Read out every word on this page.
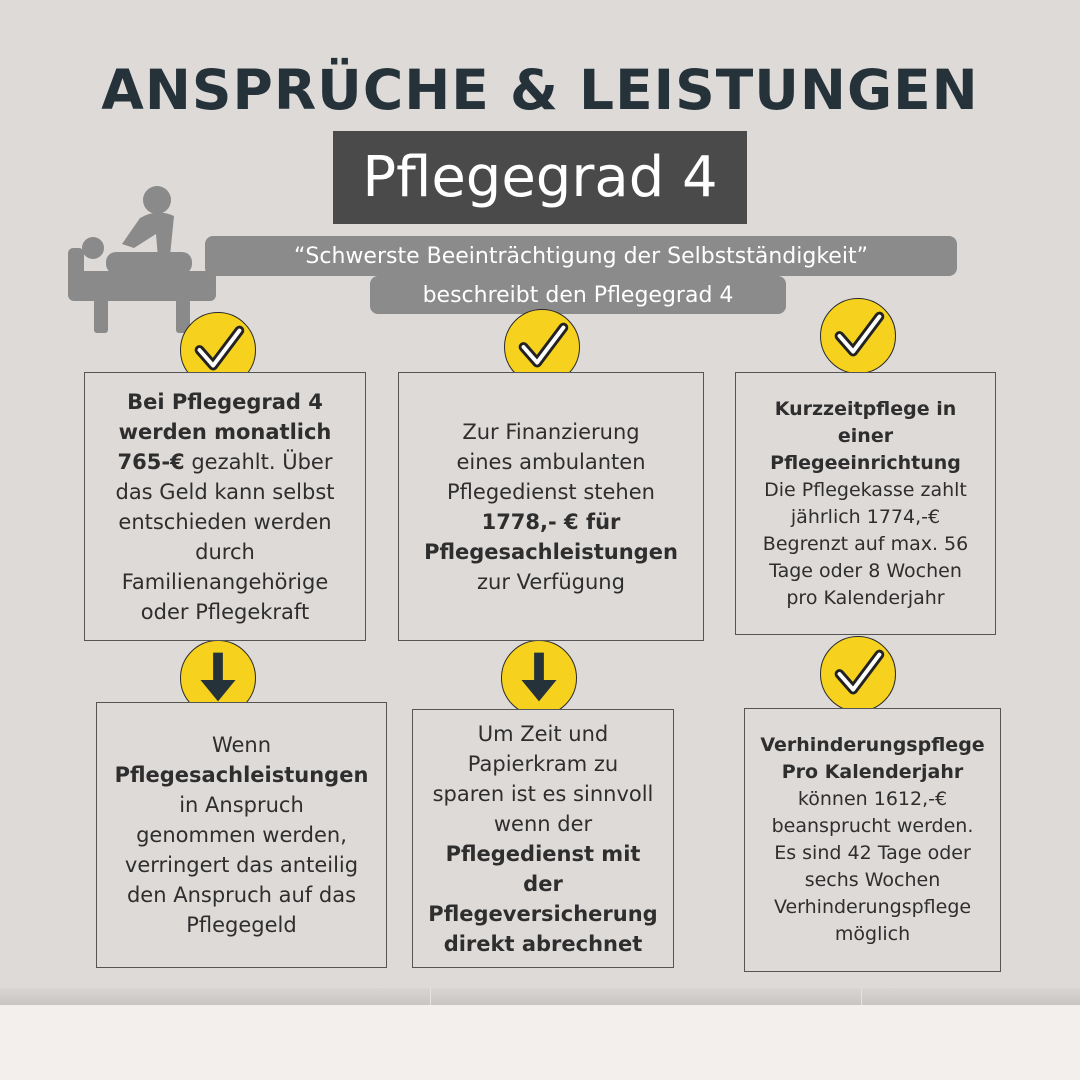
ANSPRÜCHE & LEISTUNGEN
Pflegegrad 4
“Schwerste Beeinträchtigung der Selbstständigkeit”
beschreibt den Pflegegrad 4
Bei Pflegegrad 4
werden monatlich
765-€ gezahlt. Über
das Geld kann selbst
entschieden werden
durch
Familienangehörige
oder Pflegekraft
Zur Finanzierung
eines ambulanten
Pflegedienst stehen
1778,- € für
Pflegesachleistungen
zur Verfügung
Kurzzeitpflege in einer
Pflegeeinrichtung
Die Pflegekasse zahlt
jährlich 1774,-€
Begrenzt auf max. 56
Tage oder 8 Wochen
pro Kalenderjahr
Wenn
Pflegesachleistungen
in Anspruch
genommen werden,
verringert das anteilig
den Anspruch auf das
Pflegegeld
Um Zeit und
Papierkram zu
sparen ist es sinnvoll
wenn der
Pflegedienst mit der
Pflegeversicherung
direkt abrechnet
Verhinderungspflege
Pro Kalenderjahr
können 1612,-€
beansprucht werden.
Es sind 42 Tage oder
sechs Wochen
Verhinderungspflege
möglich
